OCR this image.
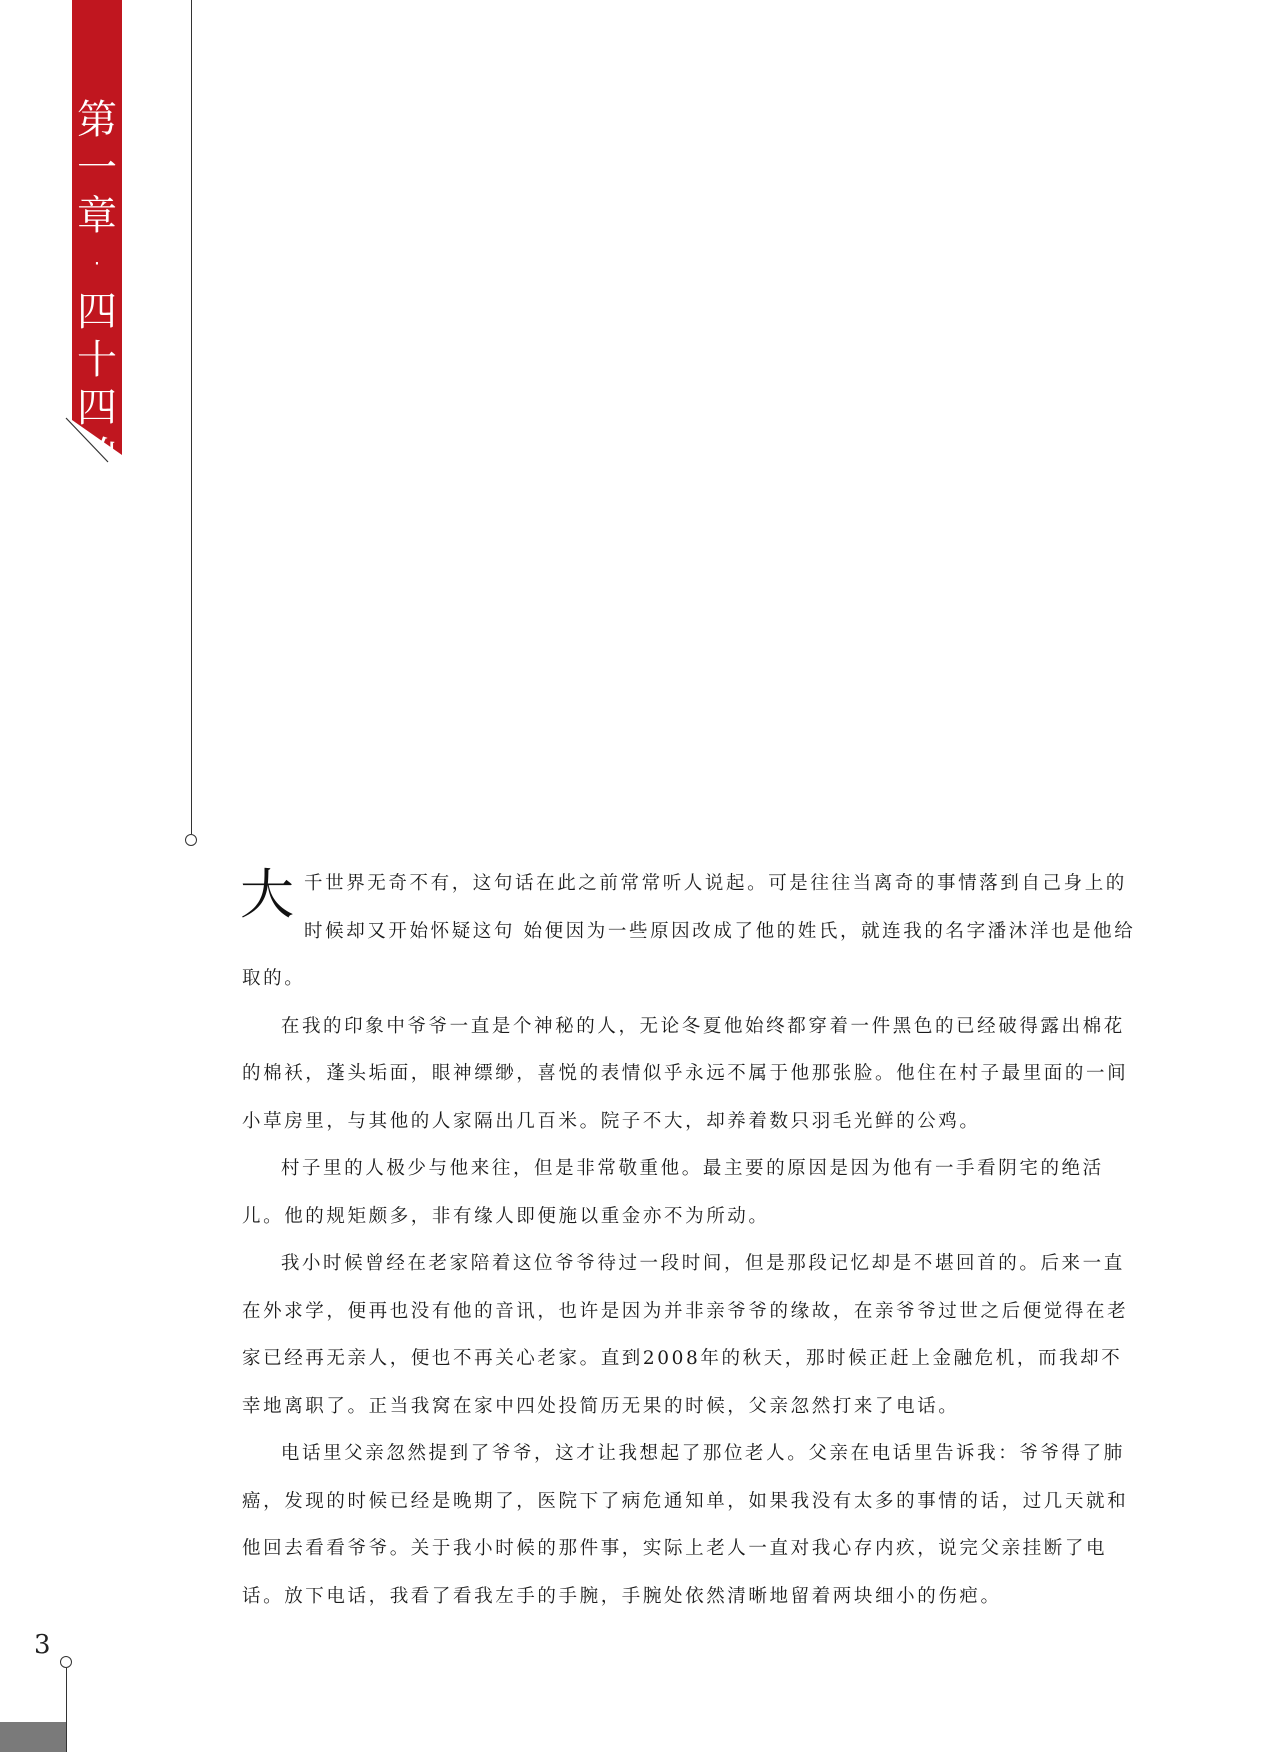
第
一
章
·
四
十
四
凶
3

大 千世界无奇不有，这句话在此之前常常听人说起。可是往往当离奇的事情落到自己身上的时候却又开始怀疑这句 始便因为一些原因改成了他的姓氏，就连我的名字潘沐洋也是他给取的。

在我的印象中爷爷一直是个神秘的人，无论冬夏他始终都穿着一件黑色的已经破得露出棉花的棉袄，蓬头垢面，眼神缥缈，喜悦的表情似乎永远不属于他那张脸。他住在村子最里面的一间小草房里，与其他的人家隔出几百米。院子不大，却养着数只羽毛光鲜的公鸡。

村子里的人极少与他来往，但是非常敬重他。最主要的原因是因为他有一手看阴宅的绝活儿。他的规矩颇多，非有缘人即便施以重金亦不为所动。

我小时候曾经在老家陪着这位爷爷待过一段时间，但是那段记忆却是不堪回首的。后来一直在外求学，便再也没有他的音讯，也许是因为并非亲爷爷的缘故，在亲爷爷过世之后便觉得在老家已经再无亲人，便也不再关心老家。直到2008年的秋天，那时候正赶上金融危机，而我却不幸地离职了。正当我窝在家中四处投简历无果的时候，父亲忽然打来了电话。

电话里父亲忽然提到了爷爷，这才让我想起了那位老人。父亲在电话里告诉我：爷爷得了肺癌，发现的时候已经是晚期了，医院下了病危通知单，如果我没有太多的事情的话，过几天就和他回去看看爷爷。关于我小时候的那件事，实际上老人一直对我心存内疚，说完父亲挂断了电话。放下电话，我看了看我左手的手腕，手腕处依然清晰地留着两块细小的伤疤。
